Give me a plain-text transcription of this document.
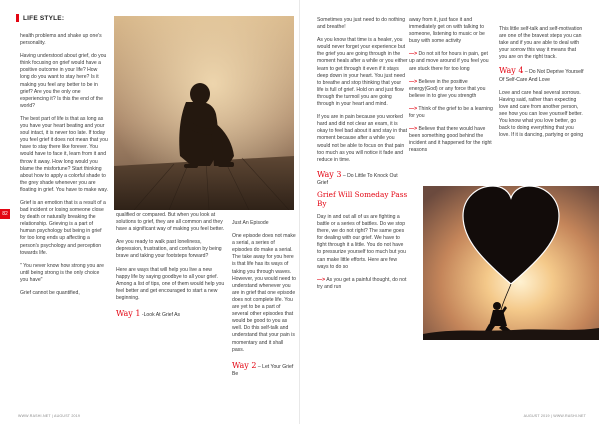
LIFE STYLE:

health problems and shake up one's personality.

Having understood about grief, do you think focusing on grief would have a positive outcome in your life? How long do you want to stay here? Is it making you feel any better to be in grief? Are you the only one experiencing it? Is this the end of the world?

The best part of life is that as long as you have your heart beating and your soul intact, it is never too late. If today you feel grief it does not mean that you have to stay there like forever. You would have to face it, learn from it and throw it away. How long would you blame the misfortune? Start thinking about how to apply a colorful shade to the grey shade whenever you are floating in grief. You have to make way.

Grief is an emotion that is a result of a bad incident or losing someone close by death or naturally breaking the relationship. Grieving is a part of human psychology but being in grief for too long ends up affecting a person's psychology and perception towards life.

" You never know how strong you are until being strong is the only choice you have"

Grief cannot be quantified,

qualified or compared. But when you look at solutions to grief, they are all common and they have a significant way of making you feel better.

Are you ready to walk past loneliness, depression, frustration, and confusion by being brave and taking your footsteps forward?

Here are ways that will help you live a new happy life by saying goodbye to all your grief. Among a list of tips, one of them would help you feel better and get encouraged to start a new beginning.

Way 1 -Look At Grief As

Just An Episode

One episode does not make a serial, a series of episodes do make a serial. The take away for you here is that life has its ways of taking you through waves. However, you would need to understand whenever you are in grief that one episode does not complete life. You are yet to be a part of several other episodes that would be good to you as well. Do this self-talk and understand that your pain is momentary and it shall pass.

Way 2 – Let Your Grief Be

82
WWW.RASHI.NET | AUGUST 2019

Sometimes you just need to do nothing and breathe!

As you know that time is a healer, you would never forget your experience but the grief you are going through in the moment heals after a while or you either learn to get through it even if it stays deep down in your heart. You just need to breathe and stop thinking that your life is full of grief. Hold on and just flow through the turmoil you are going through in your heart and mind.

If you are in pain because you worked hard and did not clear an exam, it is okay to feel bad about it and stay in that moment because after a while you would not be able to focus on that pain too much as you will notice it fade and reduce in time.

Way 3 – Do Little To Knock Out Grief

Grief Will Someday Pass By

Day in and out all of us are fighting a battle or a series of battles. Do we stop there, we do not right? The same goes for dealing with our grief. We have to fight through it a little. You do not have to pressurize yourself too much but you can make little efforts. Here are few ways to do so

—> As you get a painful thought, do not try and run

away from it, just face it and immediately get on with talking to someone, listening to music or be busy with some activity

—> Do not sit for hours in pain, get up and move around if you feel you are stuck there for too long

—> Believe in the positive energy(God) or any force that you believe in to give you strength

—> Think of the grief to be a learning for you

—> Believe that there would have been something good behind the incident and it happened for the right reasons

This little self-talk and self-motivation are one of the bravest steps you can take and if you are able to deal with your sorrow this way it means that you are on the right track.

Way 4 – Do Not Deprive Yourself Of Self-Care And Love

Love and care heal several sorrows. Having said, rather than expecting love and care from another person, see how you can love yourself better. You know what you love better, go back to doing everything that you love. If it is dancing, partying or going

AUGUST 2019 | WWW.RASHI.NET
